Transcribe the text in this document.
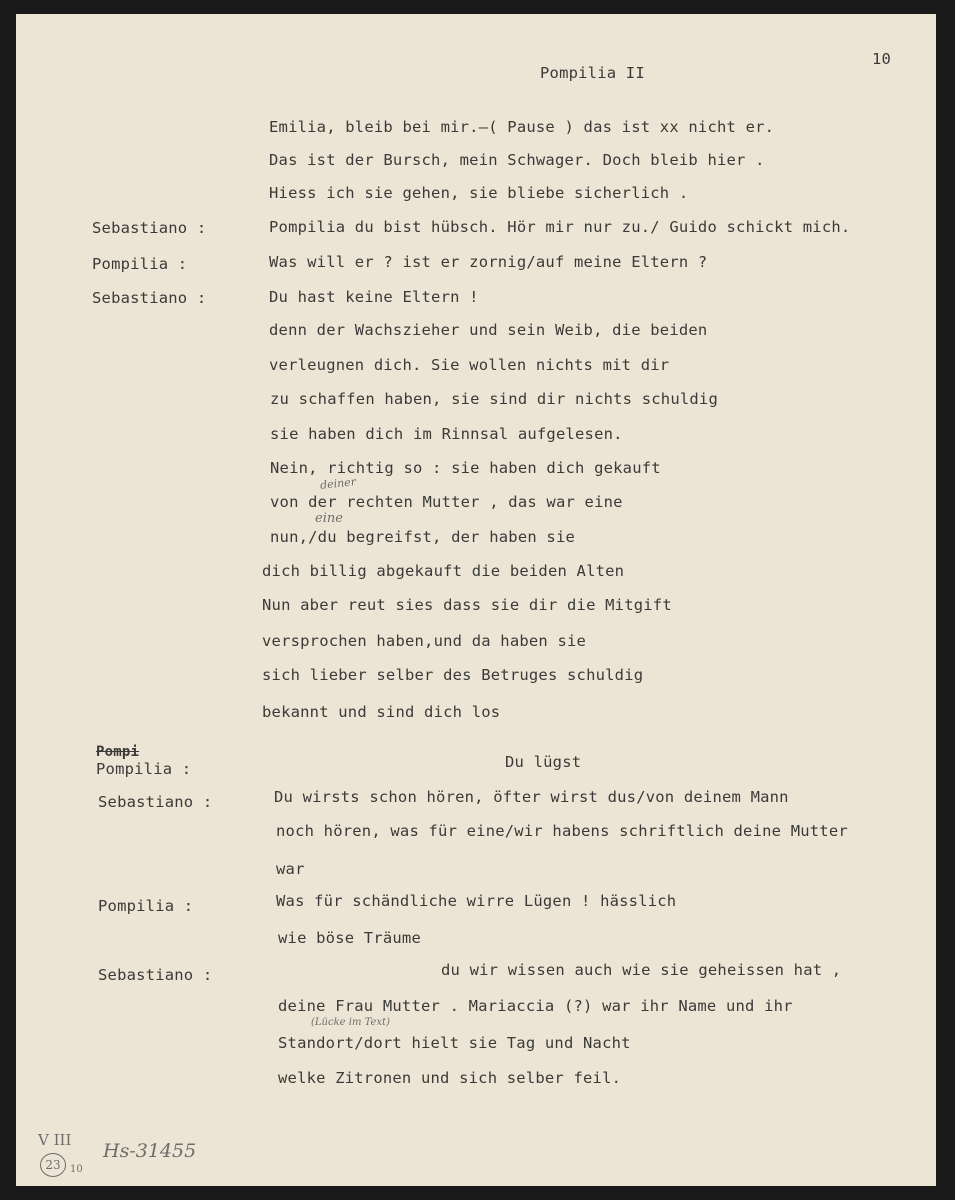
Pompilia II
10
Emilia, bleib bei mir.—( Pause ) das ist xx nicht er.
Das ist der Bursch, mein Schwager. Doch bleib hier .
Hiess ich sie gehen, sie bliebe sicherlich .
Sebastiano :	Pompilia du bist hübsch. Hör mir nur zu./ Guido schickt mich.
Pompilia :	Was will er ? ist er zornig/auf meine Eltern ?
Sebastiano :	Du hast keine Eltern !
denn der Wachszieher und sein Weib, die beiden
verleugnen dich. Sie wollen nichts mit dir
zu schaffen haben, sie sind dir nichts schuldig
sie haben dich im Rinnsal aufgelesen.
Nein, richtig so : sie haben dich gekauft
von der rechten Mutter , das war eine
nun,/du begreifst, der haben sie
dich billig abgekauft die beiden Alten
Nun aber reut sies dass sie dir die Mitgift
versprochen haben,und da haben sie
sich lieber selber des Betruges schuldig
bekannt und sind dich los
Pompi
Pompilia :	Du lügst
Sebastiano :	Du wirsts schon hören, öfter wirst dus/von deinem Mann
noch hören, was für eine/wir habens schriftlich deine Mutter
war
Pompilia :	Was für schändliche wirre Lügen ! hässlich
wie böse Träume
Sebastiano :	du wir wissen auch wie sie geheissen hat ,
deine Frau Mutter . Mariaccia (?) war ihr Name und ihr
Standort/dort hielt sie Tag und Nacht
welke Zitronen und sich selber feil.
deiner
eine
(Lücke im Text)
V III
23 10
Hs-31455
